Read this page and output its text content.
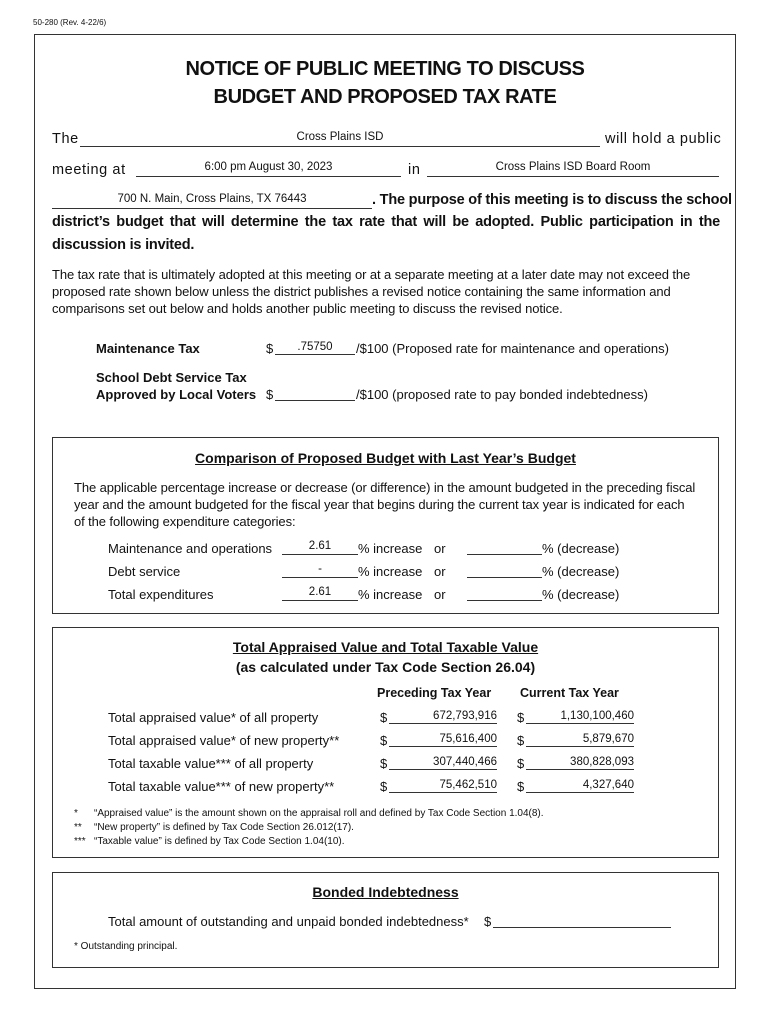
50-280 (Rev. 4-22/6)
NOTICE OF PUBLIC MEETING TO DISCUSS
BUDGET AND PROPOSED TAX RATE
The	Cross Plains ISD	will hold a public
meeting at	6:00 pm August 30, 2023	in	Cross Plains ISD Board Room
700 N. Main, Cross Plains, TX 76443	. The purpose of this meeting is to discuss the school
district’s budget that will determine the tax rate that will be adopted. Public participation in the
discussion is invited.
The tax rate that is ultimately adopted at this meeting or at a separate meeting at a later date may not exceed the
proposed rate shown below unless the district publishes a revised notice containing the same information and
comparisons set out below and holds another public meeting to discuss the revised notice.
Maintenance Tax	$	.75750	/$100 (Proposed rate for maintenance and operations)
School Debt Service Tax
Approved by Local Voters $	/$100 (proposed rate to pay bonded indebtedness)
Comparison of Proposed Budget with Last Year’s Budget
The applicable percentage increase or decrease (or difference) in the amount budgeted in the preceding fiscal
year and the amount budgeted for the fiscal year that begins during the current tax year is indicated for each
of the following expenditure categories:
Maintenance and operations	2.61	% increase or	% (decrease)
Debt service	-	% increase or	% (decrease)
Total expenditures	2.61	% increase or	% (decrease)
Total Appraised Value and Total Taxable Value
(as calculated under Tax Code Section 26.04)
Preceding Tax Year Current Tax Year
Total appraised value* of all property	$	672,793,916 $	1,130,100,460
Total appraised value* of new property**	$	75,616,400 $	5,879,670
Total taxable value*** of all property	$	307,440,466 $	380,828,093
Total taxable value*** of new property**	$	75,462,510 $	4,327,640
* “Appraised value” is the amount shown on the appraisal roll and defined by Tax Code Section 1.04(8).
** “New property” is defined by Tax Code Section 26.012(17).
*** “Taxable value” is defined by Tax Code Section 1.04(10).
Bonded Indebtedness
Total amount of outstanding and unpaid bonded indebtedness* $
* Outstanding principal.
